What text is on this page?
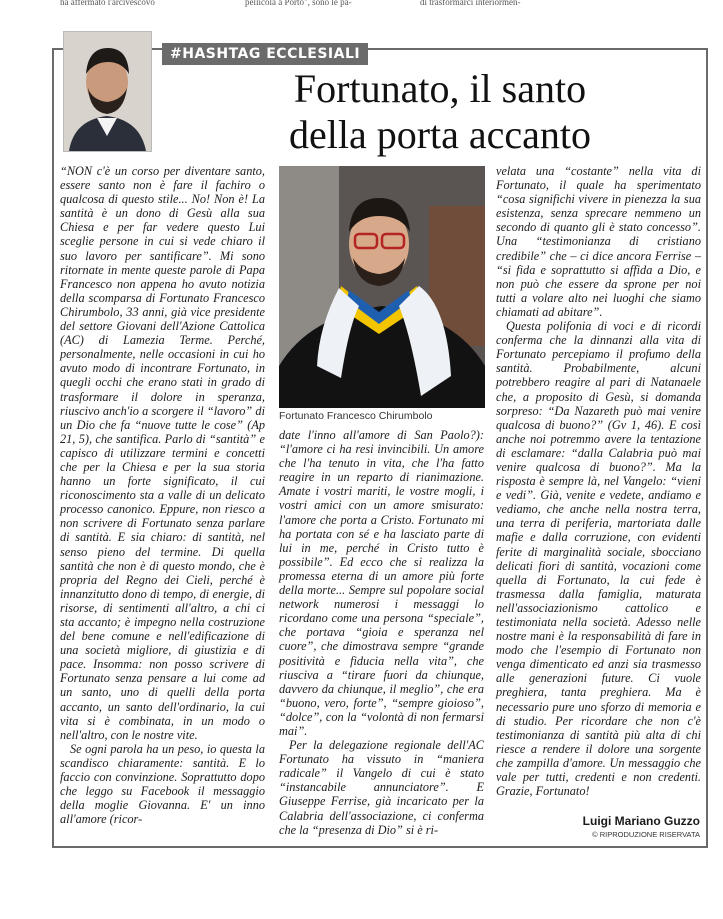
ha affermato l'arcivescovo	pellicola a Porto", sono le pa-	di trasformarci interiormen-
#HASHTAG ECCLESIALI
Fortunato, il santo
della porta accanto

“NON c'è un corso per diventare santo, essere santo non è fare il fachiro o qualcosa di questo stile... No! Non è! La santità è un dono di Gesù alla sua Chiesa e per far vedere questo Lui sceglie persone in cui si vede chiaro il suo lavoro per santificare”. Mi sono ritornate in mente queste parole di Papa Francesco non appena ho avuto notizia della scomparsa di Fortunato Francesco Chirumbolo, 33 anni, già vice presidente del settore Giovani dell'Azione Cattolica (AC) di Lamezia Terme. Perché, personalmente, nelle occasioni in cui ho avuto modo di incontrare Fortunato, in quegli occhi che erano stati in grado di trasformare il dolore in speranza, riuscivo anch'io a scorgere il “lavoro” di un Dio che fa “nuove tutte le cose” (Ap 21, 5), che santifica. Parlo di “santità” e capisco di utilizzare termini e concetti che per la Chiesa e per la sua storia hanno un forte significato, il cui riconoscimento sta a valle di un delicato processo canonico. Eppure, non riesco a non scrivere di Fortunato senza parlare di santità. E sia chiaro: di santità, nel senso pieno del termine. Di quella santità che non è di questo mondo, che è propria del Regno dei Cieli, perché è innanzitutto dono di tempo, di energie, di risorse, di sentimenti all'altro, a chi ci sta accanto; è impegno nella costruzione del bene comune e nell'edificazione di una società migliore, di giustizia e di pace. Insomma: non posso scrivere di Fortunato senza pensare a lui come ad un santo, uno di quelli della porta accanto, un santo dell'ordinario, la cui vita si è combinata, in un modo o nell'altro, con le nostre vite.

Se ogni parola ha un peso, io questa la scandisco chiaramente: santità. E lo faccio con convinzione. Soprattutto dopo che leggo su Facebook il messaggio della moglie Giovanna. E' un inno all'amore (ricor-

Fortunato Francesco Chirumbolo

date l'inno all'amore di San Paolo?): “l'amore ci ha resi invincibili. Un amore che l'ha tenuto in vita, che l'ha fatto reagire in un reparto di rianimazione. Amate i vostri mariti, le vostre mogli, i vostri amici con un amore smisurato: l'amore che porta a Cristo. Fortunato mi ha portata con sé e ha lasciato parte di lui in me, perché in Cristo tutto è possibile”. Ed ecco che si realizza la promessa eterna di un amore più forte della morte... Sempre sul popolare social network numerosi i messaggi lo ricordano come una persona “speciale”, che portava “gioia e speranza nel cuore”, che dimostrava sempre “grande positività e fiducia nella vita”, che riusciva a “tirare fuori da chiunque, davvero da chiunque, il meglio”, che era “buono, vero, forte”, “sempre gioioso”, “dolce”, con la “volontà di non fermarsi mai”.

Per la delegazione regionale dell'AC Fortunato ha vissuto in “maniera radicale” il Vangelo di cui è stato “instancabile annunciatore”. E Giuseppe Ferrise, già incaricato per la Calabria dell'associazione, ci conferma che la “presenza di Dio” si è ri-

velata una “costante” nella vita di Fortunato, il quale ha sperimentato “cosa significhi vivere in pienezza la sua esistenza, senza sprecare nemmeno un secondo di quanto gli è stato concesso”. Una “testimonianza di cristiano credibile” che – ci dice ancora Ferrise – “si fida e soprattutto si affida a Dio, e non può che essere da sprone per noi tutti a volare alto nei luoghi che siamo chiamati ad abitare”.

Questa polifonia di voci e di ricordi conferma che la dinnanzi alla vita di Fortunato percepiamo il profumo della santità. Probabilmente, alcuni potrebbero reagire al pari di Natanaele che, a proposito di Gesù, si domanda sorpreso: “Da Nazareth può mai venire qualcosa di buono?” (Gv 1, 46). E così anche noi potremmo avere la tentazione di esclamare: “dalla Calabria può mai venire qualcosa di buono?”. Ma la risposta è sempre là, nel Vangelo: “vieni e vedi”. Già, venite e vedete, andiamo e vediamo, che anche nella nostra terra, una terra di periferia, martoriata dalle mafie e dalla corruzione, con evidenti ferite di marginalità sociale, sbocciano delicati fiori di santità, vocazioni come quella di Fortunato, la cui fede è trasmessa dalla famiglia, maturata nell'associazionismo cattolico e testimoniata nella società. Adesso nelle nostre mani è la responsabilità di fare in modo che l'esempio di Fortunato non venga dimenticato ed anzi sia trasmesso alle generazioni future. Ci vuole preghiera, tanta preghiera. Ma è necessario pure uno sforzo di memoria e di studio. Per ricordare che non c'è testimonianza di santità più alta di chi riesce a rendere il dolore una sorgente che zampilla d'amore. Un messaggio che vale per tutti, credenti e non credenti. Grazie, Fortunato!

Luigi Mariano Guzzo
© RIPRODUZIONE RISERVATA
